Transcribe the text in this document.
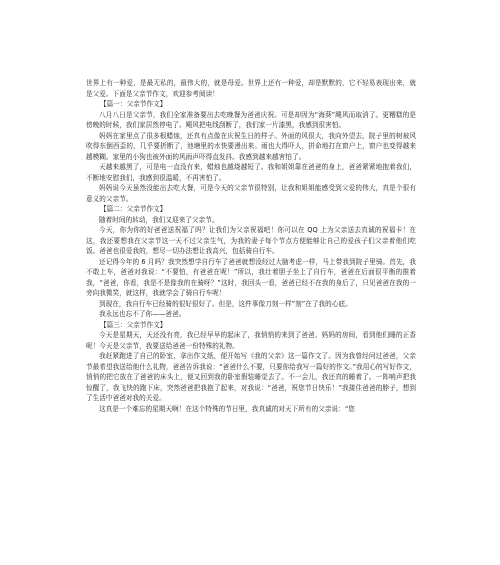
世界上有一种爱，是最无私的，最伟大的，就是母爱。世界上还有一种爱，却是默默的，它不轻易表现出来，就是父爱。下面是父亲节作文，欢迎参考阅读！

【篇一：父亲节作文】

八月八日是父亲节，我们全家准备要出去吃晚餐为爸爸庆祝。可是却因为“海葵”飓风而取消了。更糟糕的是傍晚的时候，我们家居然停电了。飓风把电线刮断了，我们家一片漆黑，我感到很害怕。

妈妈在家里点了很多根蜡烛，还真有点像在庆祝生日的样子。外面的风很大，我向外望去，院子里的树被风吹得东倒西歪的，几乎要折断了，池塘里的水快要漫出来。雨也大得吓人，拼命地打在窗户上，窗户也变得越来越模糊。家里的小狗也被外面的风雨声吓得直发抖。我感到越来越害怕了。

天越来越黑了，可是电一直没有来，蜡烛也越烧越短了。我和姐姐靠在爸爸的身上，爸爸紧紧地抱着我们，不断地安慰我们，我感到很温暖，不再害怕了。

妈妈说今天虽然没能出去吃大餐，可是今天的父亲节很特别，让我和姐姐能感受到父爱的伟大，真是个很有意义的父亲节。

【篇二：父亲节作文】

随着时间的转动，我们又迎来了父亲节。

今天，你为你的好爸爸送祝福了吗？让我们为父亲祝福吧！你可以在 QQ 上为父亲送去真诚的祝福卡！在这，我还要想我在父亲节这一天不过父亲生气，为我的妻子每个节点方便能够让自己的爱孩子们父亲着他们吃饭。爸爸也很爱我的，想尽一切办法想让我高兴，包括骑自行车。

还记得今年的 6 月吗？我突然想学自行车了爸爸就想没经过大脑考虑一样，马上带我到院子里骑。首先，我不敢上车，爸爸对我说：“不要怕，有爸爸在呢！”所以，我壮着胆子坐上了自行车，爸爸在后面很平衡的推着我，“爸爸，你看，我是不是像我的在骑呀？”这时，我回头一看，爸爸已经不在我的身后了，只见爸爸在我的一旁向我微笑，就这样，我就学会了骑自行车呢！

到现在，我自行车已经骑的很好很好了。但是，这件事像刀刻一样”刻”在了我的心底。

我永远也忘不了你——爸爸。

【篇三：父亲节作文】

今天是星期天，天还没有亮，我已经早早的起床了，我悄悄的来到了爸爸、妈妈的房间，看到他们睡的正香呢！今天是父亲节，我要送给爸爸一份特殊的礼物。

我赶紧跑进了自己的卧室，拿出作文纸，便开始写《我的父亲》这一篇作文了。因为我曾经问过爸爸，父亲节最希望我送给他什么礼物，爸爸告诉我说：“爸爸什么不要，只要你给我写一篇好的作文。”我用心的写好作文，悄悄的把它放在了爸爸的床头上，便又回到我的卧室假装睡觉去了。不一会儿，我还真的睡着了。一阵响声把我惊醒了，我飞快的跑下床，突然爸爸把我抱了起来，对我说：“爸爸，祝您节日快乐！”我搂住爸爸的脖子，想到了生活中爸爸对我的关爱。

这真是一个难忘的星期天啊！在这个特殊的节日里，我真诚的对天下所有的父亲说：“您
